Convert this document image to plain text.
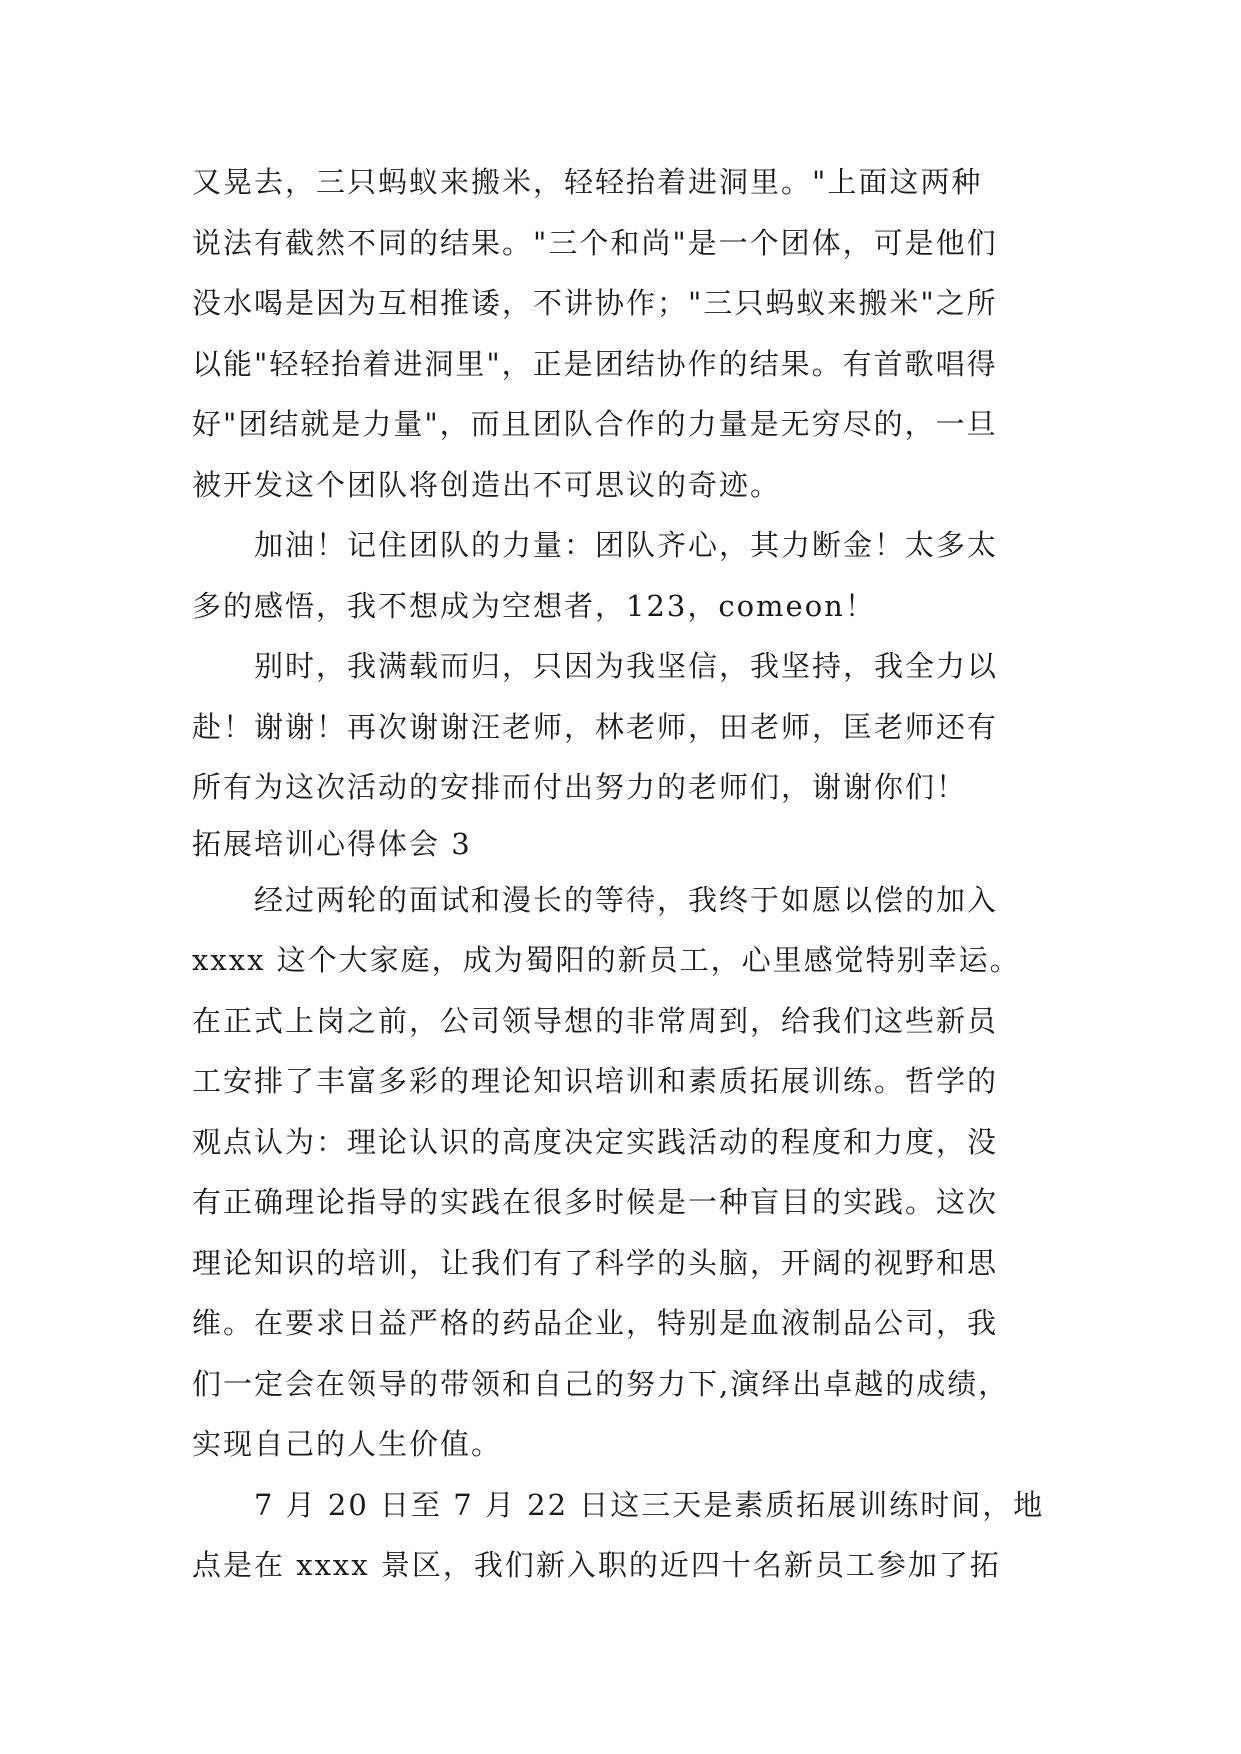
又晃去，三只蚂蚁来搬米，轻轻抬着进洞里。"上面这两种
说法有截然不同的结果。"三个和尚"是一个团体，可是他们
没水喝是因为互相推诿，不讲协作；"三只蚂蚁来搬米"之所
以能"轻轻抬着进洞里"，正是团结协作的结果。有首歌唱得
好"团结就是力量"，而且团队合作的力量是无穷尽的，一旦
被开发这个团队将创造出不可思议的奇迹。
加油！记住团队的力量：团队齐心，其力断金！太多太
多的感悟，我不想成为空想者，123，comeon！
别时，我满载而归，只因为我坚信，我坚持，我全力以
赴！谢谢！再次谢谢汪老师，林老师，田老师，匡老师还有
所有为这次活动的安排而付出努力的老师们，谢谢你们！
拓展培训心得体会 3
经过两轮的面试和漫长的等待，我终于如愿以偿的加入
xxxx 这个大家庭，成为蜀阳的新员工，心里感觉特别幸运。
在正式上岗之前，公司领导想的非常周到，给我们这些新员
工安排了丰富多彩的理论知识培训和素质拓展训练。哲学的
观点认为：理论认识的高度决定实践活动的程度和力度，没
有正确理论指导的实践在很多时候是一种盲目的实践。这次
理论知识的培训，让我们有了科学的头脑，开阔的视野和思
维。在要求日益严格的药品企业，特别是血液制品公司，我
们一定会在领导的带领和自己的努力下,演绎出卓越的成绩，
实现自己的人生价值。
7 月 20 日至 7 月 22 日这三天是素质拓展训练时间，地
点是在 xxxx 景区，我们新入职的近四十名新员工参加了拓
